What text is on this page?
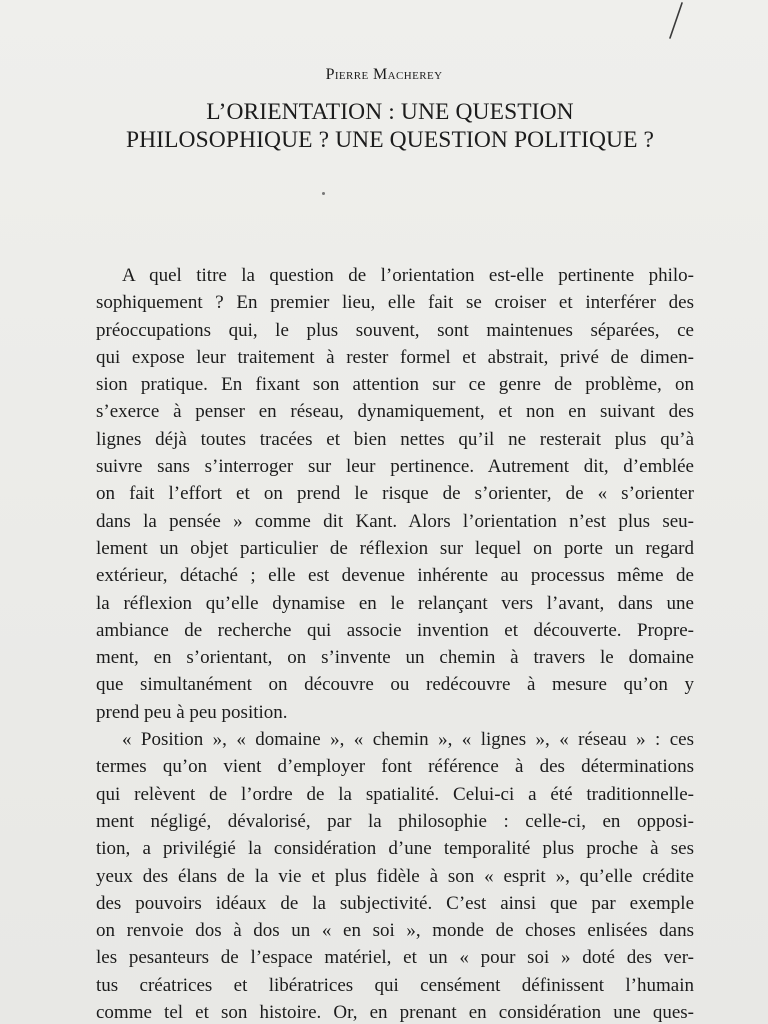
Pierre Macherey
L’ORIENTATION : UNE QUESTION
PHILOSOPHIQUE ? UNE QUESTION POLITIQUE ?
A quel titre la question de l’orientation est-elle pertinente philo-
sophiquement ? En premier lieu, elle fait se croiser et interférer des
préoccupations qui, le plus souvent, sont maintenues séparées, ce
qui expose leur traitement à rester formel et abstrait, privé de dimen-
sion pratique. En fixant son attention sur ce genre de problème, on
s’exerce à penser en réseau, dynamiquement, et non en suivant des
lignes déjà toutes tracées et bien nettes qu’il ne resterait plus qu’à
suivre sans s’interroger sur leur pertinence. Autrement dit, d’emblée
on fait l’effort et on prend le risque de s’orienter, de « s’orienter
dans la pensée » comme dit Kant. Alors l’orientation n’est plus seu-
lement un objet particulier de réflexion sur lequel on porte un regard
extérieur, détaché ; elle est devenue inhérente au processus même de
la réflexion qu’elle dynamise en le relançant vers l’avant, dans une
ambiance de recherche qui associe invention et découverte. Propre-
ment, en s’orientant, on s’invente un chemin à travers le domaine
que simultanément on découvre ou redécouvre à mesure qu’on y
prend peu à peu position.
« Position », « domaine », « chemin », « lignes », « réseau » : ces
termes qu’on vient d’employer font référence à des déterminations
qui relèvent de l’ordre de la spatialité. Celui-ci a été traditionnelle-
ment négligé, dévalorisé, par la philosophie : celle-ci, en opposi-
tion, a privilégié la considération d’une temporalité plus proche à ses
yeux des élans de la vie et plus fidèle à son « esprit », qu’elle crédite
des pouvoirs idéaux de la subjectivité. C’est ainsi que par exemple
on renvoie dos à dos un « en soi », monde de choses enlisées dans
les pesanteurs de l’espace matériel, et un « pour soi » doté des ver-
tus créatrices et libératrices qui censément définissent l’humain
comme tel et son histoire. Or, en prenant en considération une ques-
